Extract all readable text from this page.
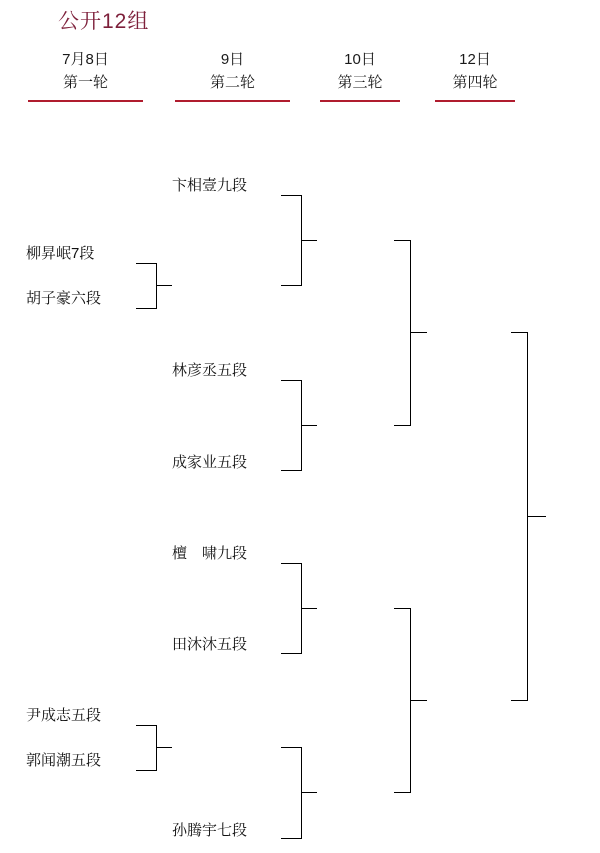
公开12组
7月8日
第一轮
9日
第二轮
10日
第三轮
12日
第四轮
卞相壹九段
柳昇岷7段
胡子豪六段
林彦丞五段
成家业五段
檀　啸九段
田沐沐五段
尹成志五段
郭闻潮五段
孙腾宇七段
